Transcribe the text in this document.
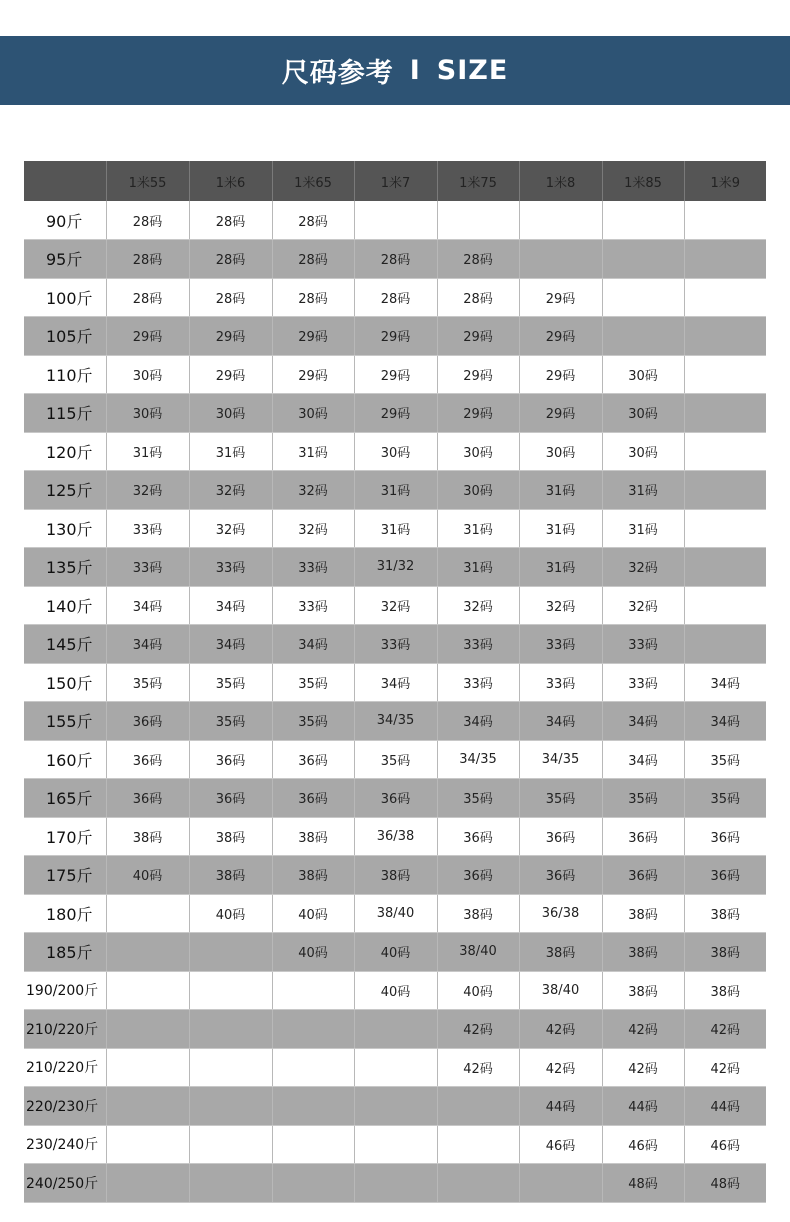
尺码参考 I SIZE
	1米55	1米6	1米65	1米7	1米75	1米8	1米85	1米9
90斤	28码	28码	28码					
95斤	28码	28码	28码	28码	28码			
100斤	28码	28码	28码	28码	28码	29码		
105斤	29码	29码	29码	29码	29码	29码		
110斤	30码	29码	29码	29码	29码	29码	30码	
115斤	30码	30码	30码	29码	29码	29码	30码	
120斤	31码	31码	31码	30码	30码	30码	30码	
125斤	32码	32码	32码	31码	30码	31码	31码	
130斤	33码	32码	32码	31码	31码	31码	31码	
135斤	33码	33码	33码	31/32	31码	31码	32码	
140斤	34码	34码	33码	32码	32码	32码	32码	
145斤	34码	34码	34码	33码	33码	33码	33码	
150斤	35码	35码	35码	34码	33码	33码	33码	34码
155斤	36码	35码	35码	34/35	34码	34码	34码	34码
160斤	36码	36码	36码	35码	34/35	34/35	34码	35码
165斤	36码	36码	36码	36码	35码	35码	35码	35码
170斤	38码	38码	38码	36/38	36码	36码	36码	36码
175斤	40码	38码	38码	38码	36码	36码	36码	36码
180斤		40码	40码	38/40	38码	36/38	38码	38码
185斤			40码	40码	38/40	38码	38码	38码
190/200斤				40码	40码	38/40	38码	38码
210/220斤					42码	42码	42码	42码
210/220斤					42码	42码	42码	42码
220/230斤						44码	44码	44码
230/240斤						46码	46码	46码
240/250斤							48码	48码
